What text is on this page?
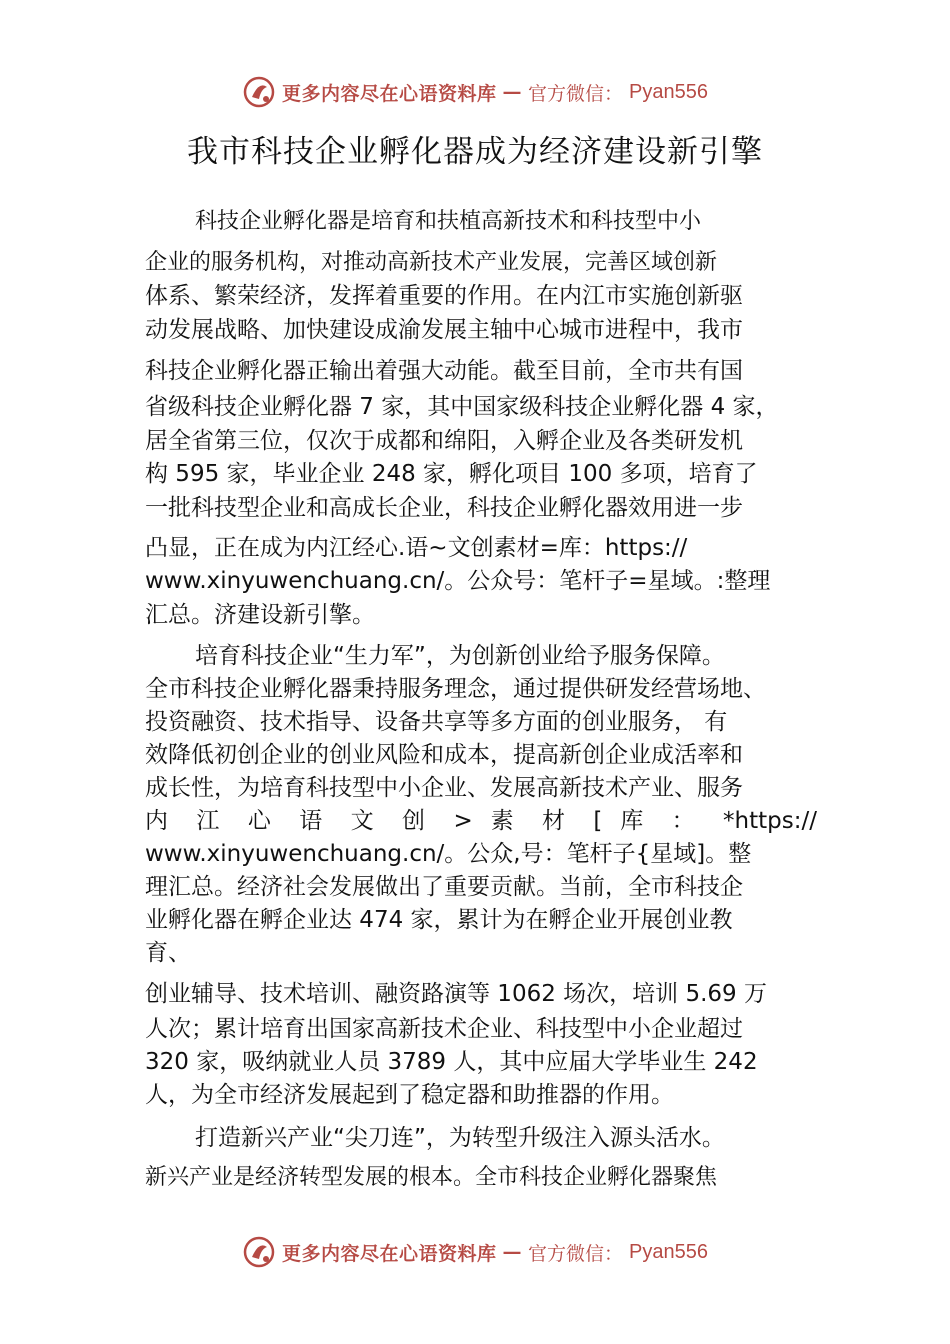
更多内容尽在心语资料库 — 官方微信： Pyan556
我市科技企业孵化器成为经济建设新引擎
科技企业孵化器是培育和扶植高新技术和科技型中小
企业的服务机构，对推动高新技术产业发展，完善区域创新
体系、繁荣经济，发挥着重要的作用。在内江市实施创新驱
动发展战略、加快建设成渝发展主轴中心城市进程中，我市
科技企业孵化器正输出着强大动能。截至目前，全市共有国
省级科技企业孵化器 7 家，其中国家级科技企业孵化器 4 家，
居全省第三位，仅次于成都和绵阳，入孵企业及各类研发机
构 595 家，毕业企业 248 家，孵化项目 100 多项，培育了
一批科技型企业和高成长企业，科技企业孵化器效用进一步
凸显，正在成为内江经心.语~文创素材=库：https://
www.xinyuwenchuang.cn/。公众号：笔杆子=星域。:整理
汇总。济建设新引擎。
培育科技企业“生力军”，为创新创业给予服务保障。
全市科技企业孵化器秉持服务理念，通过提供研发经营场地、
投资融资、技术指导、设备共享等多方面的创业服务， 有
效降低初创企业的创业风险和成本，提高新创企业成活率和
成长性，为培育科技型中小企业、发展高新技术产业、服务
内 江 心 语 文 创 > 素 材 [ 库 ： *https://
www.xinyuwenchuang.cn/。公众,号：笔杆子{星域]。整
理汇总。经济社会发展做出了重要贡献。当前，全市科技企
业孵化器在孵企业达 474 家，累计为在孵企业开展创业教
育、
创业辅导、技术培训、融资路演等 1062 场次，培训 5.69 万
人次；累计培育出国家高新技术企业、科技型中小企业超过
320 家，吸纳就业人员 3789 人，其中应届大学毕业生 242
人，为全市经济发展起到了稳定器和助推器的作用。
打造新兴产业“尖刀连”，为转型升级注入源头活水。
新兴产业是经济转型发展的根本。全市科技企业孵化器聚焦
更多内容尽在心语资料库 — 官方微信： Pyan556
